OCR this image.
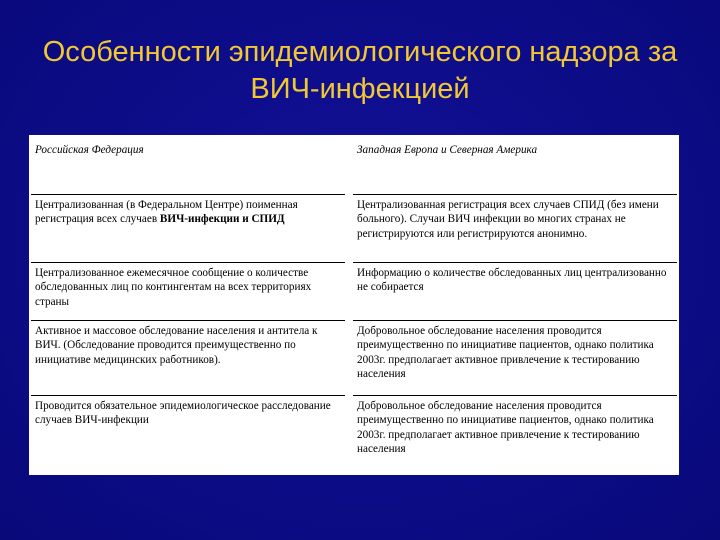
Особенности эпидемиологического надзора за
ВИЧ-инфекцией
Российская Федерация	Западная Европа и Северная Америка
Централизованная (в Федеральном Центре) поименная регистрация всех случаев ВИЧ-инфекции и СПИД	Централизованная регистрация всех случаев СПИД (без имени больного). Случаи ВИЧ инфекции во многих странах не регистрируются или регистрируются анонимно.
Централизованное ежемесячное сообщение о количестве обследованных лиц по контингентам на всех территориях страны	Информацию о количестве обследованных лиц централизованно не собирается
Активное и массовое обследование населения и антитела к ВИЧ. (Обследование проводится преимущественно по инициативе медицинских работников).	Добровольное обследование населения проводится преимущественно по инициативе пациентов, однако политика 2003г. предполагает активное привлечение к тестированию населения
Проводится обязательное эпидемиологическое расследование случаев ВИЧ-инфекции	Добровольное обследование населения проводится преимущественно по инициативе пациентов, однако политика 2003г. предполагает активное привлечение к тестированию населения
